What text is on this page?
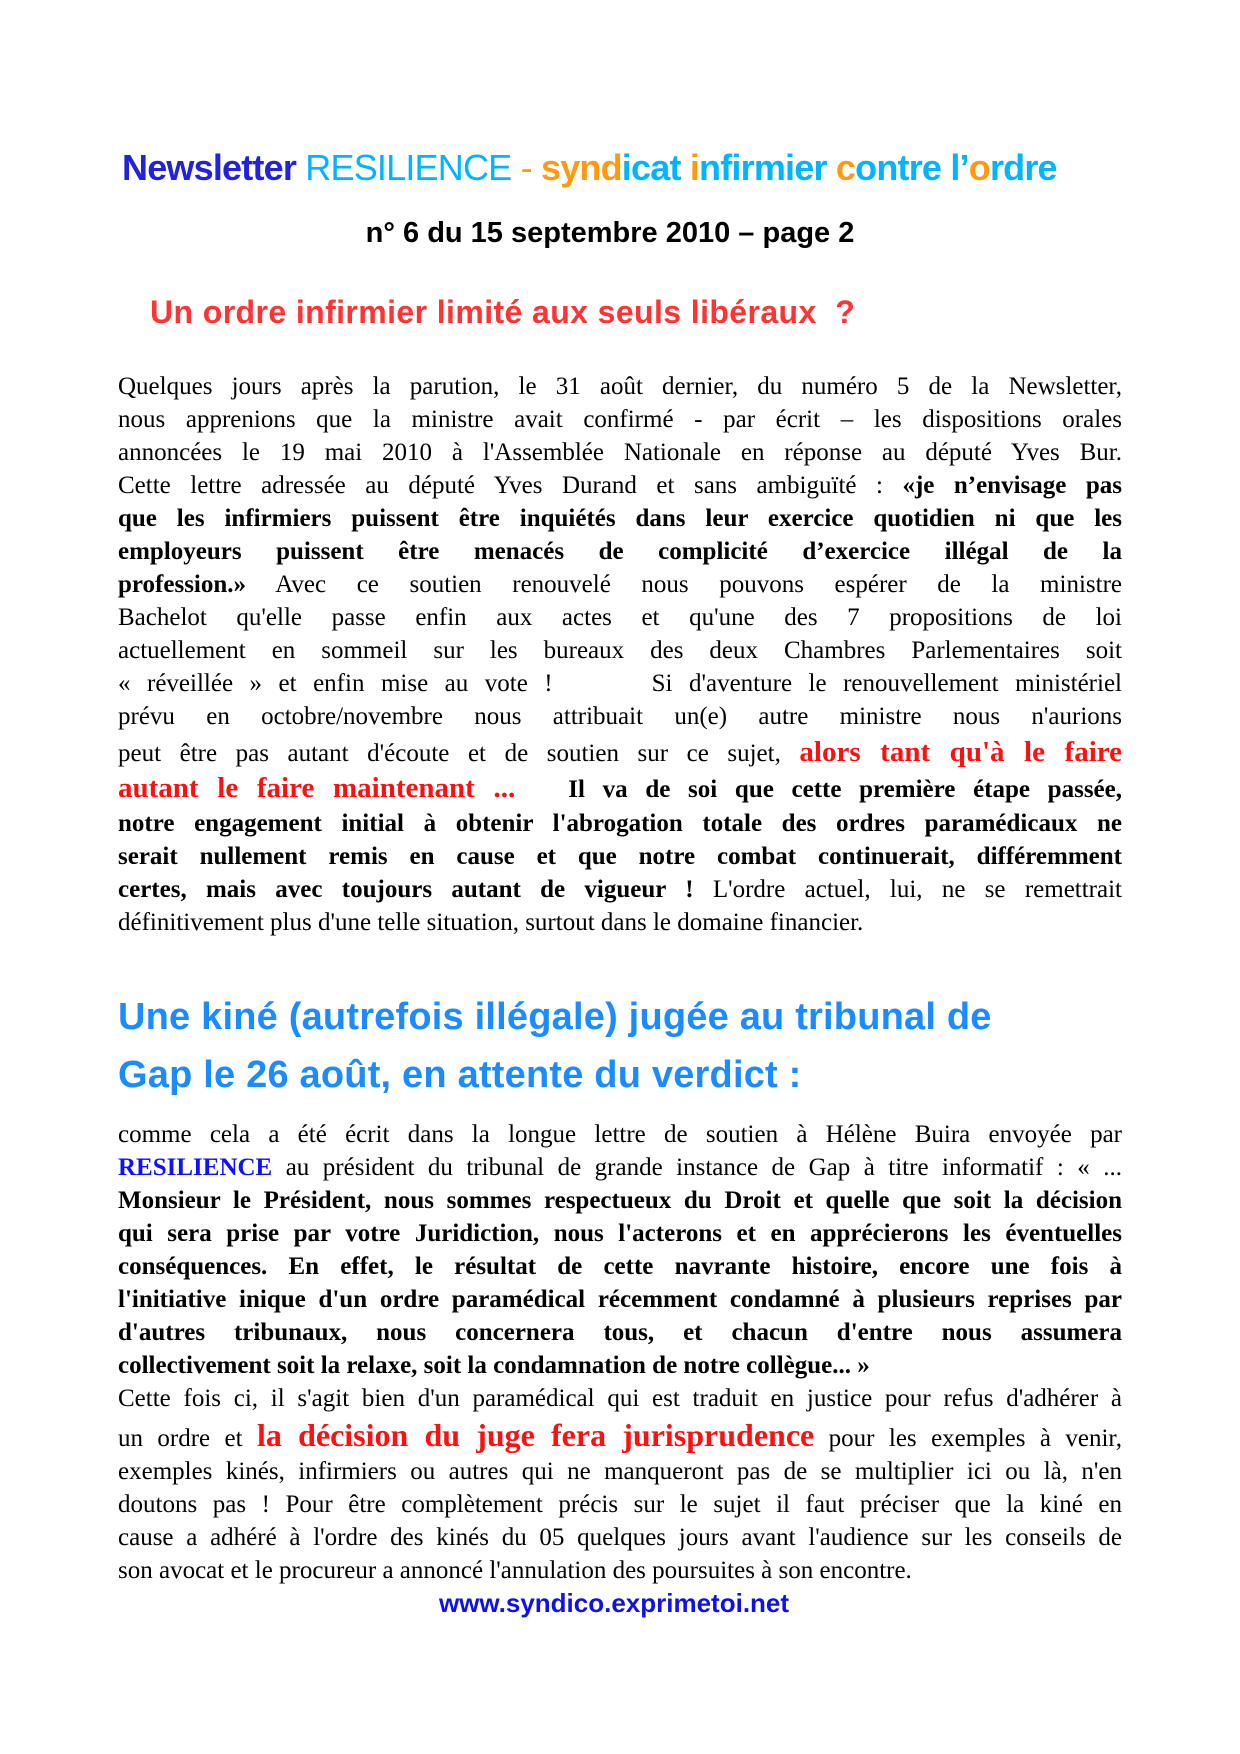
Newsletter RESILIENCE - syndicat infirmier contre l’ordre
n° 6 du 15 septembre 2010 – page 2
Un ordre infirmier limité aux seuls libéraux  ?
Quelques jours après la parution, le 31 août dernier, du numéro 5 de la Newsletter,
nous apprenions que la ministre avait confirmé - par écrit – les dispositions orales
annoncées le 19 mai 2010 à l'Assemblée Nationale en réponse au député Yves Bur.
Cette lettre adressée au député Yves Durand et sans ambiguïté : «je n’envisage pas
que les infirmiers puissent être inquiétés dans leur exercice quotidien ni que les
employeurs puissent être menacés de complicité d’exercice illégal de la
profession.» Avec ce soutien renouvelé nous pouvons espérer de la ministre
Bachelot qu'elle passe enfin aux actes et qu'une des 7 propositions de loi
actuellement en sommeil sur les bureaux des deux Chambres Parlementaires soit
« réveillée » et enfin mise au vote !      Si d'aventure le renouvellement ministériel
prévu en octobre/novembre nous attribuait un(e) autre ministre nous n'aurions
peut être pas autant d'écoute et de soutien sur ce sujet, alors tant qu'à le faire
autant le faire maintenant ...   Il va de soi que cette première étape passée,
notre engagement initial à obtenir l'abrogation totale des ordres paramédicaux ne
serait nullement remis en cause et que notre combat continuerait, différemment
certes, mais avec toujours autant de vigueur ! L'ordre actuel, lui, ne se remettrait
définitivement plus d'une telle situation, surtout dans le domaine financier.
Une kiné (autrefois illégale) jugée au tribunal de
Gap le 26 août, en attente du verdict :
comme cela a été écrit dans la longue lettre de soutien à Hélène Buira envoyée par
RESILIENCE au président du tribunal de grande instance de Gap à titre informatif : « ...
Monsieur le Président, nous sommes respectueux du Droit et quelle que soit la décision
qui sera prise par votre Juridiction, nous l'acterons et en apprécierons les éventuelles
conséquences. En effet, le résultat de cette navrante histoire, encore une fois à
l'initiative inique d'un ordre paramédical récemment condamné à plusieurs reprises par
d'autres tribunaux, nous concernera tous, et chacun d'entre nous assumera
collectivement soit la relaxe, soit la condamnation de notre collègue... »
Cette fois ci, il s'agit bien d'un paramédical qui est traduit en justice pour refus d'adhérer à
un ordre et la décision du juge fera jurisprudence pour les exemples à venir,
exemples kinés, infirmiers ou autres qui ne manqueront pas de se multiplier ici ou là, n'en
doutons pas ! Pour être complètement précis sur le sujet il faut préciser que la kiné en
cause a adhéré à l'ordre des kinés du 05 quelques jours avant l'audience sur les conseils de
son avocat et le procureur a annoncé l'annulation des poursuites à son encontre.
www.syndico.exprimetoi.net
